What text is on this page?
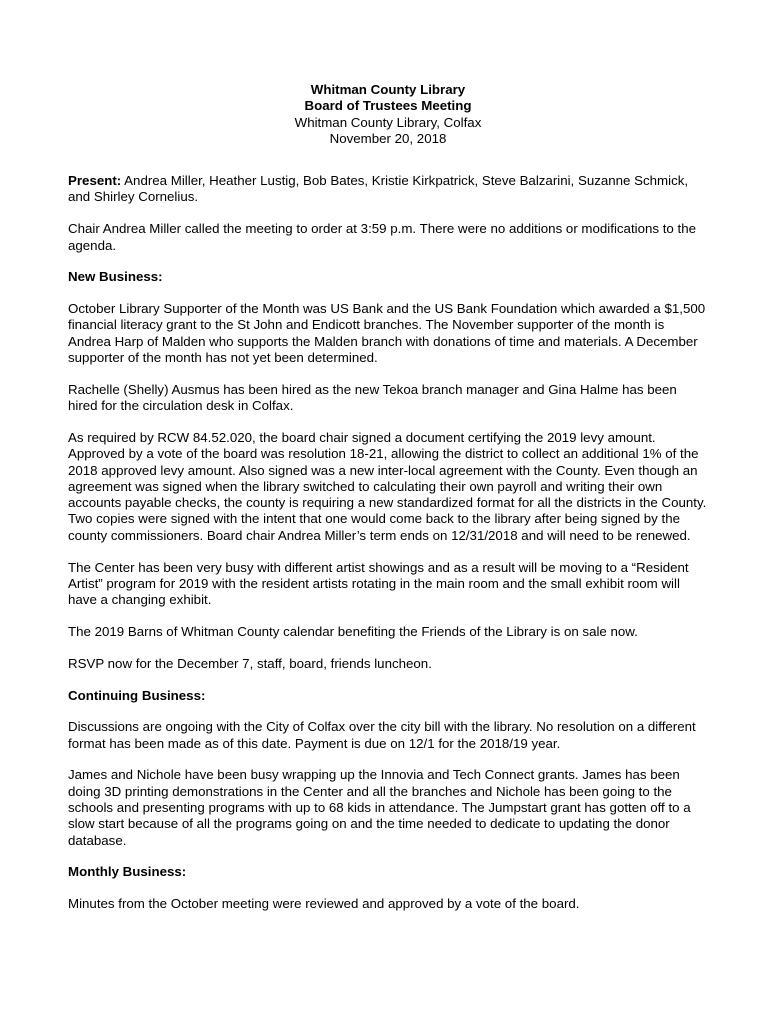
Whitman County Library
Board of Trustees Meeting
Whitman County Library, Colfax
November 20, 2018

Present: Andrea Miller, Heather Lustig, Bob Bates, Kristie Kirkpatrick, Steve Balzarini, Suzanne Schmick, and Shirley Cornelius.

Chair Andrea Miller called the meeting to order at 3:59 p.m. There were no additions or modifications to the agenda.

New Business:

October Library Supporter of the Month was US Bank and the US Bank Foundation which awarded a $1,500 financial literacy grant to the St John and Endicott branches. The November supporter of the month is Andrea Harp of Malden who supports the Malden branch with donations of time and materials. A December supporter of the month has not yet been determined.

Rachelle (Shelly) Ausmus has been hired as the new Tekoa branch manager and Gina Halme has been hired for the circulation desk in Colfax.

As required by RCW 84.52.020, the board chair signed a document certifying the 2019 levy amount. Approved by a vote of the board was resolution 18-21, allowing the district to collect an additional 1% of the 2018 approved levy amount. Also signed was a new inter-local agreement with the County. Even though an agreement was signed when the library switched to calculating their own payroll and writing their own accounts payable checks, the county is requiring a new standardized format for all the districts in the County. Two copies were signed with the intent that one would come back to the library after being signed by the county commissioners. Board chair Andrea Miller’s term ends on 12/31/2018 and will need to be renewed.

The Center has been very busy with different artist showings and as a result will be moving to a “Resident Artist” program for 2019 with the resident artists rotating in the main room and the small exhibit room will have a changing exhibit.

The 2019 Barns of Whitman County calendar benefiting the Friends of the Library is on sale now.

RSVP now for the December 7, staff, board, friends luncheon.

Continuing Business:

Discussions are ongoing with the City of Colfax over the city bill with the library. No resolution on a different format has been made as of this date. Payment is due on 12/1 for the 2018/19 year.

James and Nichole have been busy wrapping up the Innovia and Tech Connect grants. James has been doing 3D printing demonstrations in the Center and all the branches and Nichole has been going to the schools and presenting programs with up to 68 kids in attendance. The Jumpstart grant has gotten off to a slow start because of all the programs going on and the time needed to dedicate to updating the donor database.

Monthly Business:

Minutes from the October meeting were reviewed and approved by a vote of the board.
